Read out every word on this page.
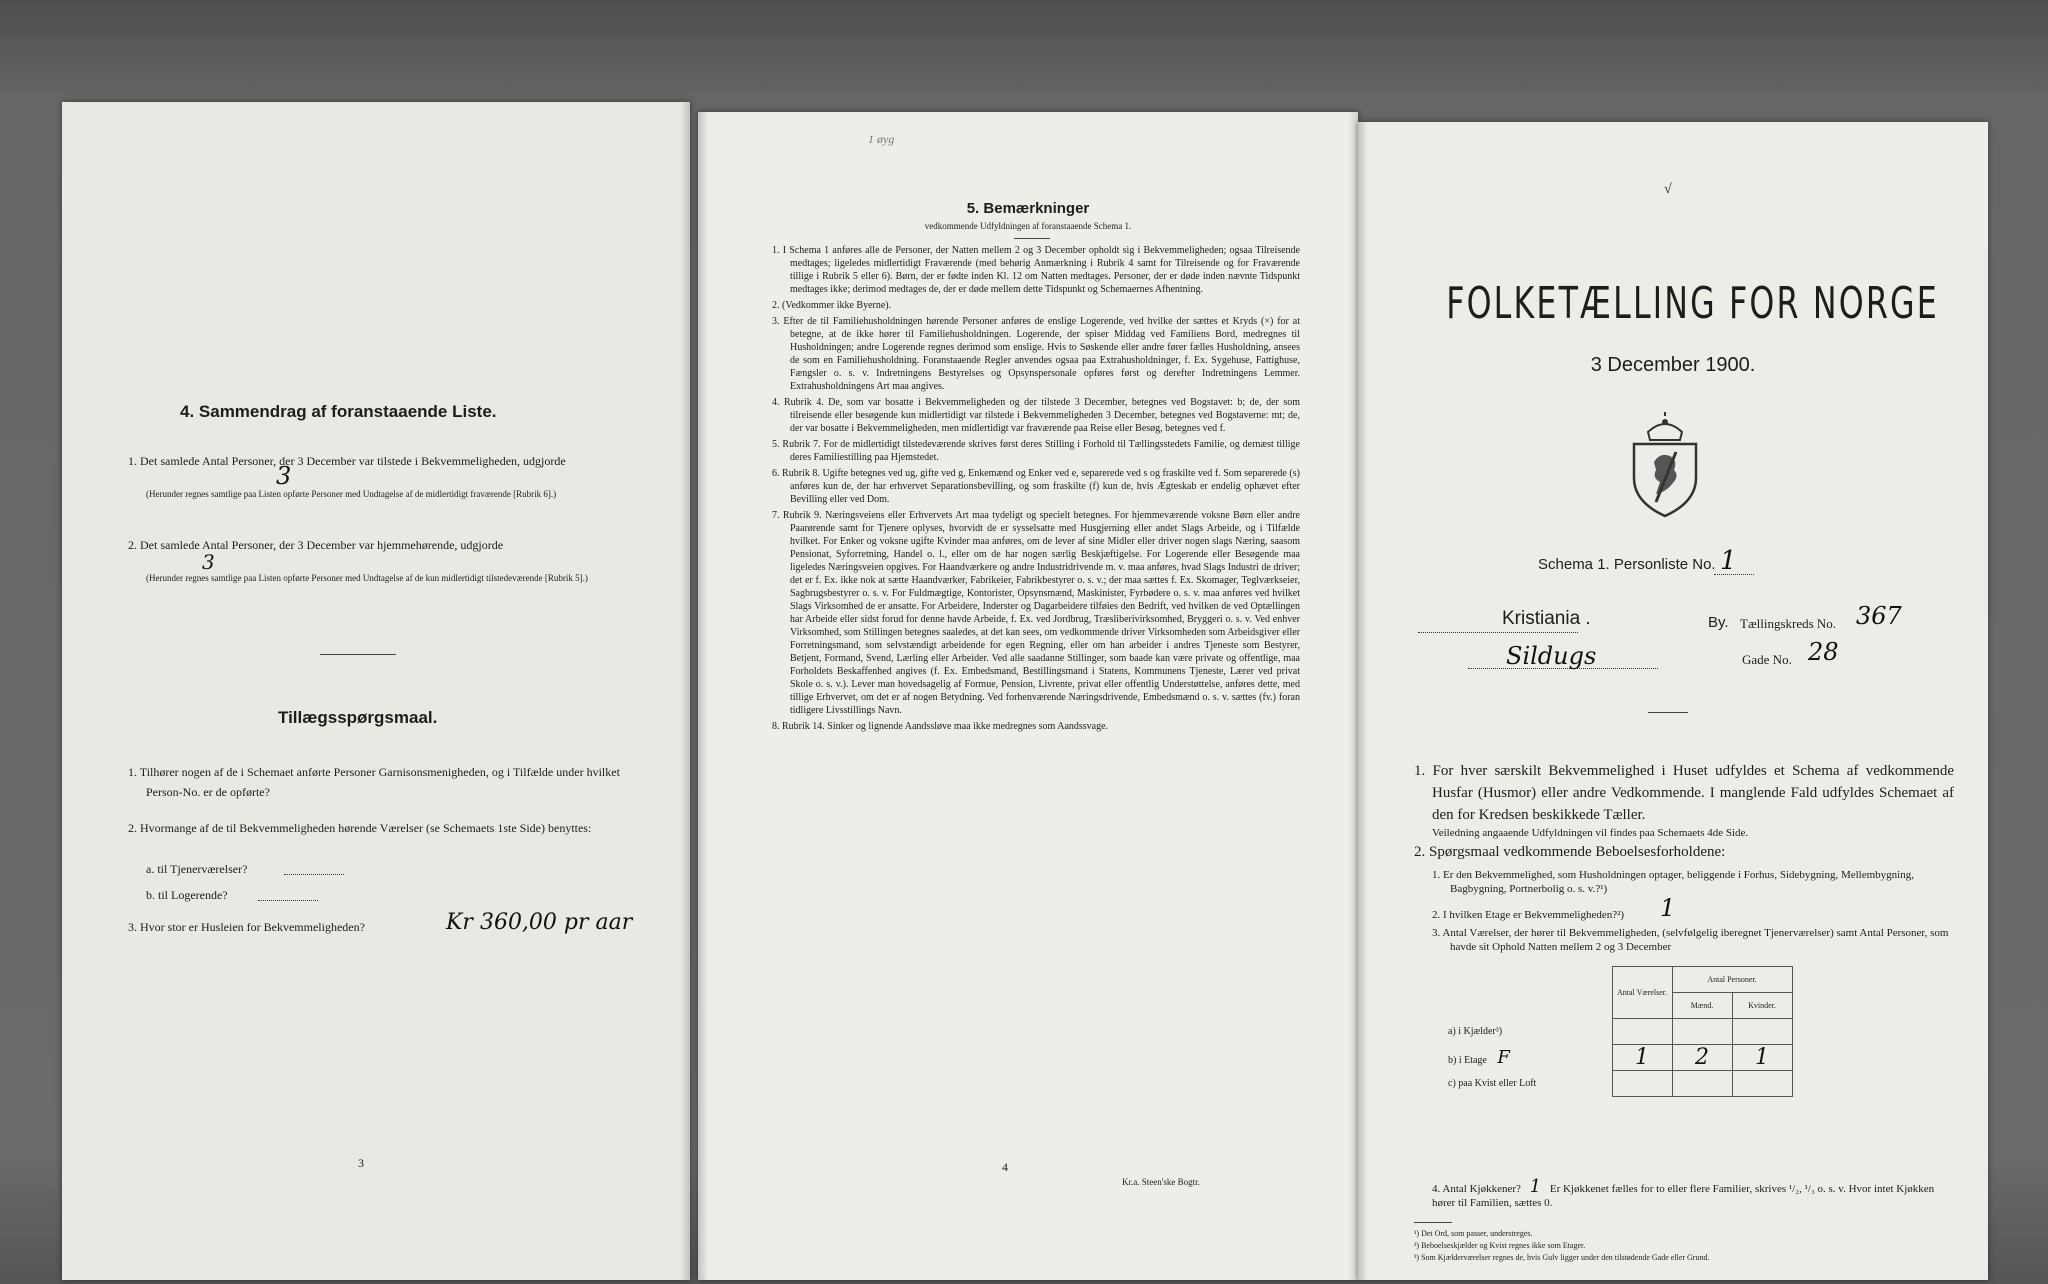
4. Sammendrag af foranstaaende Liste.
1. Det samlede Antal Personer, der 3 December var tilstede i Bekvemmeligheden, udgjorde
3
(Herunder regnes samtlige paa Listen opførte Personer med Undtagelse af de midlertidigt fraværende [Rubrik 6].)
2. Det samlede Antal Personer, der 3 December var hjemmehørende, udgjorde
3
(Herunder regnes samtlige paa Listen opførte Personer med Undtagelse af de kun midlertidigt tilstedeværende [Rubrik 5].)
Tillægsspørgsmaal.
1. Tilhører nogen af de i Schemaet anførte Personer Garnisonsmenigheden, og i Tilfælde under hvilket Person-No. er de opførte?
2. Hvormange af de til Bekvemmeligheden hørende Værelser (se Schemaets 1ste Side) benyttes:
a. til Tjenerværelser?
b. til Logerende?
3. Hvor stor er Husleien for Bekvemmeligheden?	Kr 360,00 pr aar
3
1 øyg
5. Bemærkninger
vedkommende Udfyldningen af foranstaaende Schema 1.
1. I Schema 1 anføres alle de Personer, der Natten mellem 2 og 3 December opholdt sig i Bekvemmeligheden; ogsaa Tilreisende medtages; ligeledes midlertidigt Fraværende (med behørig Anmærkning i Rubrik 4 samt for Tilreisende og for Fraværende tillige i Rubrik 5 eller 6). Børn, der er fødte inden Kl. 12 om Natten medtages. Personer, der er døde inden nævnte Tidspunkt medtages ikke; derimod medtages de, der er døde mellem dette Tidspunkt og Schemaernes Afhentning.
2. (Vedkommer ikke Byerne).
3. Efter de til Familiehusholdningen hørende Personer anføres de enslige Logerende, ved hvilke der sættes et Kryds (×) for at betegne, at de ikke hører til Familiehusholdningen. Logerende, der spiser Middag ved Familiens Bord, medregnes til Husholdningen; andre Logerende regnes derimod som enslige. Hvis to Søskende eller andre fører fælles Husholdning, ansees de som en Familiehusholdning. Foranstaaende Regler anvendes ogsaa paa Extrahusholdninger, f. Ex. Sygehuse, Fattighuse, Fængsler o. s. v. Indretningens Bestyrelses og Opsynspersonale opføres først og derefter Indretningens Lemmer. Extrahusholdningens Art maa angives.
4. Rubrik 4. De, som var bosatte i Bekvemmeligheden og der tilstede 3 December, betegnes ved Bogstavet: b; de, der som tilreisende eller besøgende kun midlertidigt var tilstede i Bekvemmeligheden 3 December, betegnes ved Bogstaverne: mt; de, der var bosatte i Bekvemmeligheden, men midlertidigt var fraværende paa Reise eller Besøg, betegnes ved f.
5. Rubrik 7. For de midlertidigt tilstedeværende skrives først deres Stilling i Forhold til Tællingsstedets Familie, og dernæst tillige deres Familiestilling paa Hjemstedet.
6. Rubrik 8. Ugifte betegnes ved ug, gifte ved g, Enkemænd og Enker ved e, separerede ved s og fraskilte ved f. Som separerede (s) anføres kun de, der har erhvervet Separationsbevilling, og som fraskilte (f) kun de, hvis Ægteskab er endelig ophævet efter Bevilling eller ved Dom.
7. Rubrik 9. Næringsveiens eller Erhvervets Art maa tydeligt og specielt betegnes. For hjemmeværende voksne Børn eller andre Paarørende samt for Tjenere oplyses, hvorvidt de er sysselsatte med Husgjerning eller andet Slags Arbeide, og i Tilfælde hvilket. For Enker og voksne ugifte Kvinder maa anføres, om de lever af sine Midler eller driver nogen slags Næring, saasom Pensionat, Syforretning, Handel o. l., eller om de har nogen særlig Beskjæftigelse. For Logerende eller Besøgende maa ligeledes Næringsveien opgives. For Haandværkere og andre Industridrivende m. v. maa anføres, hvad Slags Industri de driver; det er f. Ex. ikke nok at sætte Haandværker, Fabrikeier, Fabrikbestyrer o. s. v.; der maa sættes f. Ex. Skomager, Teglværkseier, Sagbrugsbestyrer o. s. v. For Fuldmægtige, Kontorister, Opsynsmænd, Maskinister, Fyrbødere o. s. v. maa anføres ved hvilket Slags Virksomhed de er ansatte. For Arbeidere, Inderster og Dagarbeidere tilføies den Bedrift, ved hvilken de ved Optællingen har Arbeide eller sidst forud for denne havde Arbeide, f. Ex. ved Jordbrug, Træsliberivirksomhed, Bryggeri o. s. v. Ved enhver Virksomhed, som Stillingen betegnes saaledes, at det kan sees, om vedkommende driver Virksomheden som Arbeidsgiver eller Forretningsmand, som selvstændigt arbeidende for egen Regning, eller om han arbeider i andres Tjeneste som Bestyrer, Betjent, Formand, Svend, Lærling eller Arbeider. Ved alle saadanne Stillinger, som baade kan være private og offentlige, maa Forholdets Beskaffenhed angives (f. Ex. Embedsmand, Bestillingsmand i Statens, Kommunens Tjeneste, Lærer ved privat Skole o. s. v.). Lever man hovedsagelig af Formue, Pension, Livrente, privat eller offentlig Understøttelse, anføres dette, med tillige Erhvervet, om det er af nogen Betydning. Ved forhenværende Næringsdrivende, Embedsmænd o. s. v. sættes (fv.) foran tidligere Livsstillings Navn.
8. Rubrik 14. Sinker og lignende Aandssløve maa ikke medregnes som Aandssvage.
4
Kr.a. Steen'ske Bogtr.
√
FOLKETÆLLING FOR NORGE
3 December 1900.
Schema 1. Personliste No. 1
Kristiania .	By. Tællingskreds No. 367
Sildugs	Gade No. 28
1. For hver særskilt Bekvemmelighed i Huset udfyldes et Schema af vedkommende Husfar (Husmor) eller andre Vedkommende. I manglende Fald udfyldes Schemaet af den for Kredsen beskikkede Tæller.
Veiledning angaaende Udfyldningen vil findes paa Schemaets 4de Side.
2. Spørgsmaal vedkommende Beboelsesforholdene:
1. Er den Bekvemmelighed, som Husholdningen optager, beliggende i Forhus, Sidebygning, Mellembygning, Bagbygning, Portnerbolig o. s. v.?¹)
2. I hvilken Etage er Bekvemmeligheden?²) 1
3. Antal Værelser, der hører til Bekvemmeligheden, (selvfølgelig iberegnet Tjenerværelser) samt Antal Personer, som havde sit Ophold Natten mellem 2 og 3 December
	Antal Værelser.	Antal Personer.	
		Mænd.	Kvinder.
a) i Kjælder³)			
b) i Etage F	1	2	1
c) paa Kvist eller Loft			
4. Antal Kjøkkener? 1 Er Kjøkkenet fælles for to eller flere Familier, skrives ¹/₂, ¹/₃ o. s. v. Hvor intet Kjøkken hører til Familien, sættes 0.
¹) Det Ord, som passer, understreges.
²) Beboelseskjælder og Kvist regnes ikke som Etager.
³) Som Kjælderværelser regnes de, hvis Gulv ligger under den tilstødende Gade eller Grund.
